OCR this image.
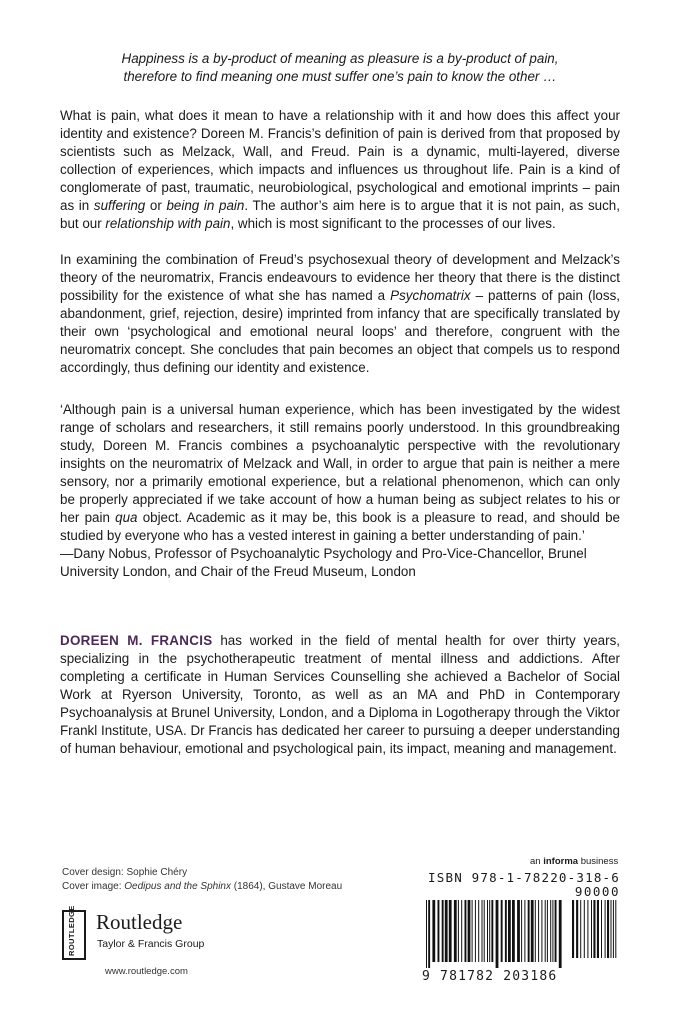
Happiness is a by-product of meaning as pleasure is a by-product of pain,
therefore to find meaning one must suffer one’s pain to know the other …

What is pain, what does it mean to have a relationship with it and how does this affect your identity and existence? Doreen M. Francis’s definition of pain is derived from that proposed by scientists such as Melzack, Wall, and Freud. Pain is a dynamic, multi-layered, diverse collection of experiences, which impacts and influences us throughout life. Pain is a kind of conglomerate of past, traumatic, neurobiological, psychological and emotional imprints – pain as in suffering or being in pain. The author’s aim here is to argue that it is not pain, as such, but our relationship with pain, which is most significant to the processes of our lives.

In examining the combination of Freud’s psychosexual theory of development and Melzack’s theory of the neuromatrix, Francis endeavours to evidence her theory that there is the distinct possibility for the existence of what she has named a Psychomatrix – patterns of pain (loss, abandonment, grief, rejection, desire) imprinted from infancy that are specifically translated by their own ‘psychological and emotional neural loops’ and therefore, congruent with the neuromatrix concept. She concludes that pain becomes an object that compels us to respond accordingly, thus defining our identity and existence.

‘Although pain is a universal human experience, which has been investigated by the widest range of scholars and researchers, it still remains poorly understood. In this groundbreaking study, Doreen M. Francis combines a psychoanalytic perspective with the revolutionary insights on the neuromatrix of Melzack and Wall, in order to argue that pain is neither a mere sensory, nor a primarily emotional experience, but a relational phenomenon, which can only be properly appreciated if we take account of how a human being as subject relates to his or her pain qua object. Academic as it may be, this book is a pleasure to read, and should be studied by everyone who has a vested interest in gaining a better understanding of pain.’

—Dany Nobus, Professor of Psychoanalytic Psychology and Pro-Vice-Chancellor, Brunel University London, and Chair of the Freud Museum, London

DOREEN M. FRANCIS has worked in the field of mental health for over thirty years, specializing in the psychotherapeutic treatment of mental illness and addictions. After completing a certificate in Human Services Counselling she achieved a Bachelor of Social Work at Ryerson University, Toronto, as well as an MA and PhD in Contemporary Psychoanalysis at Brunel University, London, and a Diploma in Logotherapy through the Viktor Frankl Institute, USA. Dr Francis has dedicated her career to pursuing a deeper understanding of human behaviour, emotional and psychological pain, its impact, meaning and management.

Cover design: Sophie Chéry
Cover image: Oedipus and the Sphinx (1864), Gustave Moreau
ROUTLEDGE Routledge
Taylor & Francis Group
www.routledge.com
an informa business
ISBN 978-1-78220-318-6
90000
9 781782 203186
